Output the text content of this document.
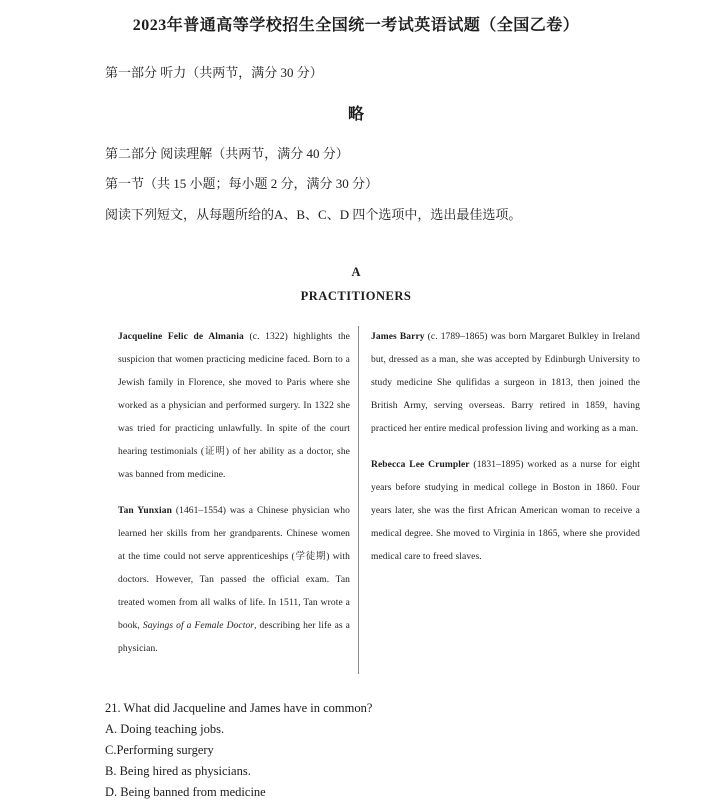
2023年普通高等学校招生全国统一考试英语试题（全国乙卷）

第一部分 听力（共两节，满分 30 分）

略

第二部分 阅读理解（共两节，满分 40 分）

第一节（共 15 小题；每小题 2 分，满分 30 分）

阅读下列短文，从每题所给的A、B、C、D 四个选项中，选出最佳选项。

A

PRACTITIONERS

Jacqueline Felic de Almania (c. 1322) highlights the suspicion that women practicing medicine faced. Born to a Jewish family in Florence, she moved to Paris where she worked as a physician and performed surgery. In 1322 she was tried for practicing unlawfully. In spite of the court hearing testimonials (证明) of her ability as a doctor, she was banned from medicine.

Tan Yunxian (1461–1554) was a Chinese physician who learned her skills from her grandparents. Chinese women at the time could not serve apprenticeships (学徒期) with doctors. However, Tan passed the official exam. Tan treated women from all walks of life. In 1511, Tan wrote a book, Sayings of a Female Doctor, describing her life as a physician.

James Barry (c. 1789–1865) was born Margaret Bulkley in Ireland but, dressed as a man, she was accepted by Edinburgh University to study medicine She qulifidas a surgeon in 1813, then joined the British Army, serving overseas. Barry retired in 1859, having practiced her entire medical profession living and working as a man.

Rebecca Lee Crumpler (1831–1895) worked as a nurse for eight years before studying in medical college in Boston in 1860. Four years later, she was the first African American woman to receive a medical degree. She moved to Virginia in 1865, where she provided medical care to freed slaves.

21. What did Jacqueline and James have in common?

A. Doing teaching jobs.

C.Performing surgery

B. Being hired as physicians.

D. Being banned from medicine
